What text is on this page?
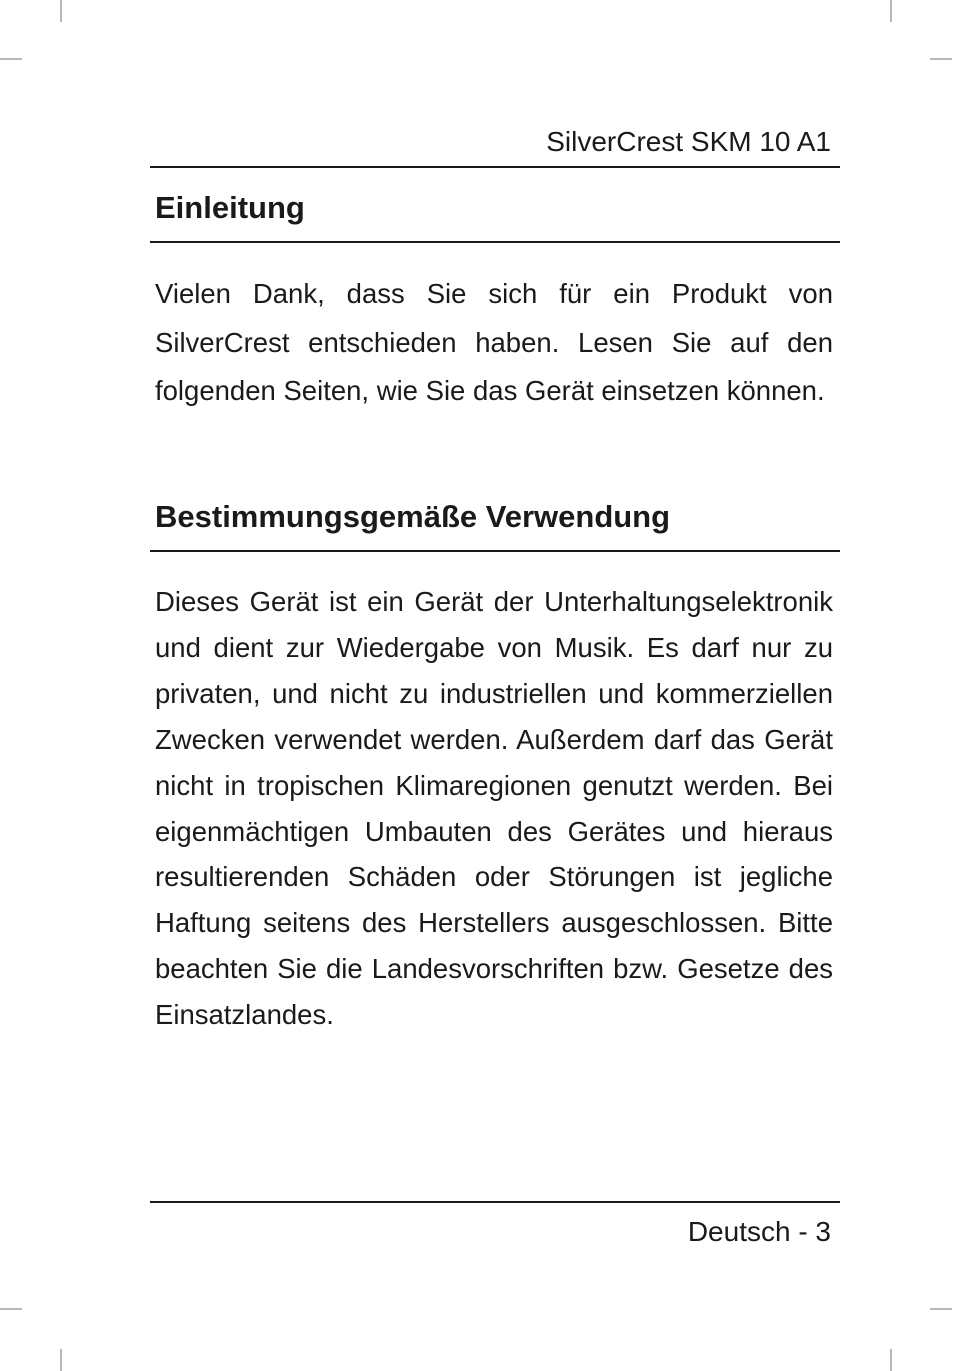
SilverCrest SKM 10 A1
Einleitung

Vielen Dank, dass Sie sich für ein Produkt von SilverCrest entschieden haben. Lesen Sie auf den folgenden Seiten, wie Sie das Gerät einsetzen können.

Bestimmungsgemäße Verwendung

Dieses Gerät ist ein Gerät der Unterhaltungselektronik und dient zur Wiedergabe von Musik. Es darf nur zu privaten, und nicht zu industriellen und kommerziellen Zwecken verwendet werden. Außerdem darf das Gerät nicht in tropischen Klimaregionen genutzt werden. Bei eigenmächtigen Umbauten des Gerätes und hieraus resultierenden Schäden oder Störungen ist jegliche Haftung seitens des Herstellers ausgeschlossen. Bitte beachten Sie die Landesvorschriften bzw. Gesetze des Einsatzlandes.

Deutsch - 3
